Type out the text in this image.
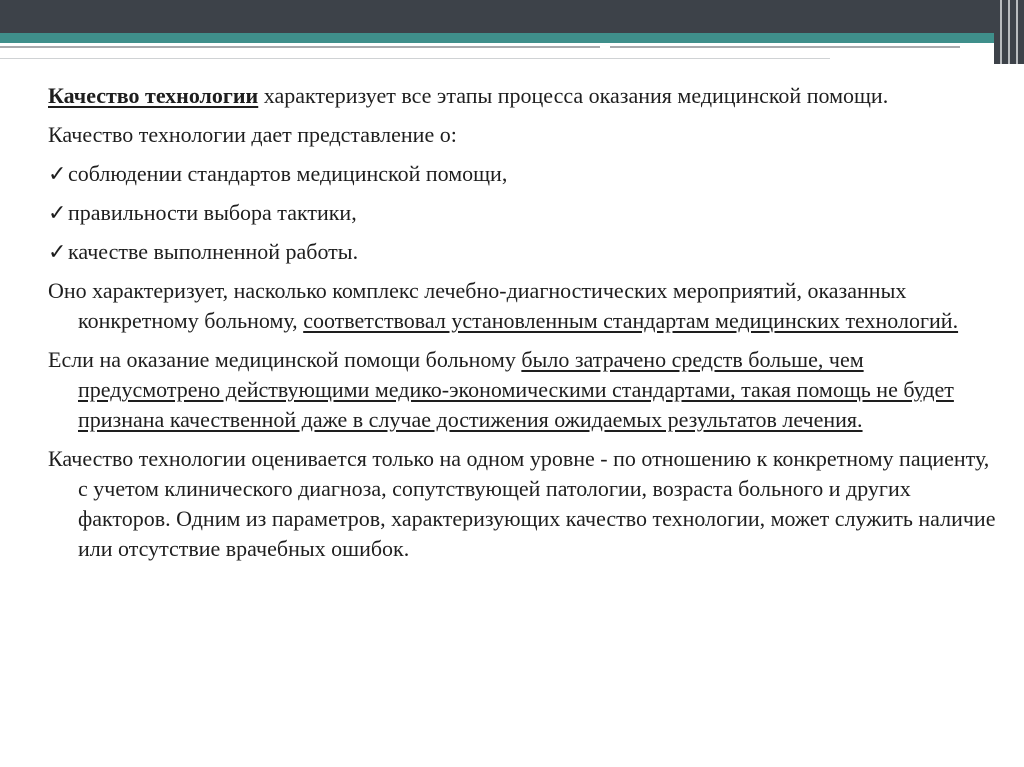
Качество технологии характеризует все этапы процесса оказания медицинской помощи.

Качество технологии дает представление о:

✓соблюдении стандартов медицинской помощи,

✓правильности выбора тактики,

✓качестве выполненной работы.

Оно характеризует, насколько комплекс лечебно-диагностических мероприятий, оказанных конкретному больному, соответствовал установленным стандартам медицинских технологий.

Если на оказание медицинской помощи больному было затрачено средств больше, чем предусмотрено действующими медико-экономическими стандартами, такая помощь не будет признана качественной даже в случае достижения ожидаемых результатов лечения.

Качество технологии оценивается только на одном уровне - по отношению к конкретному пациенту, с учетом клинического диагноза, сопутствующей патологии, возраста больного и других факторов. Одним из параметров, характеризующих качество технологии, может служить наличие или отсутствие врачебных ошибок.
